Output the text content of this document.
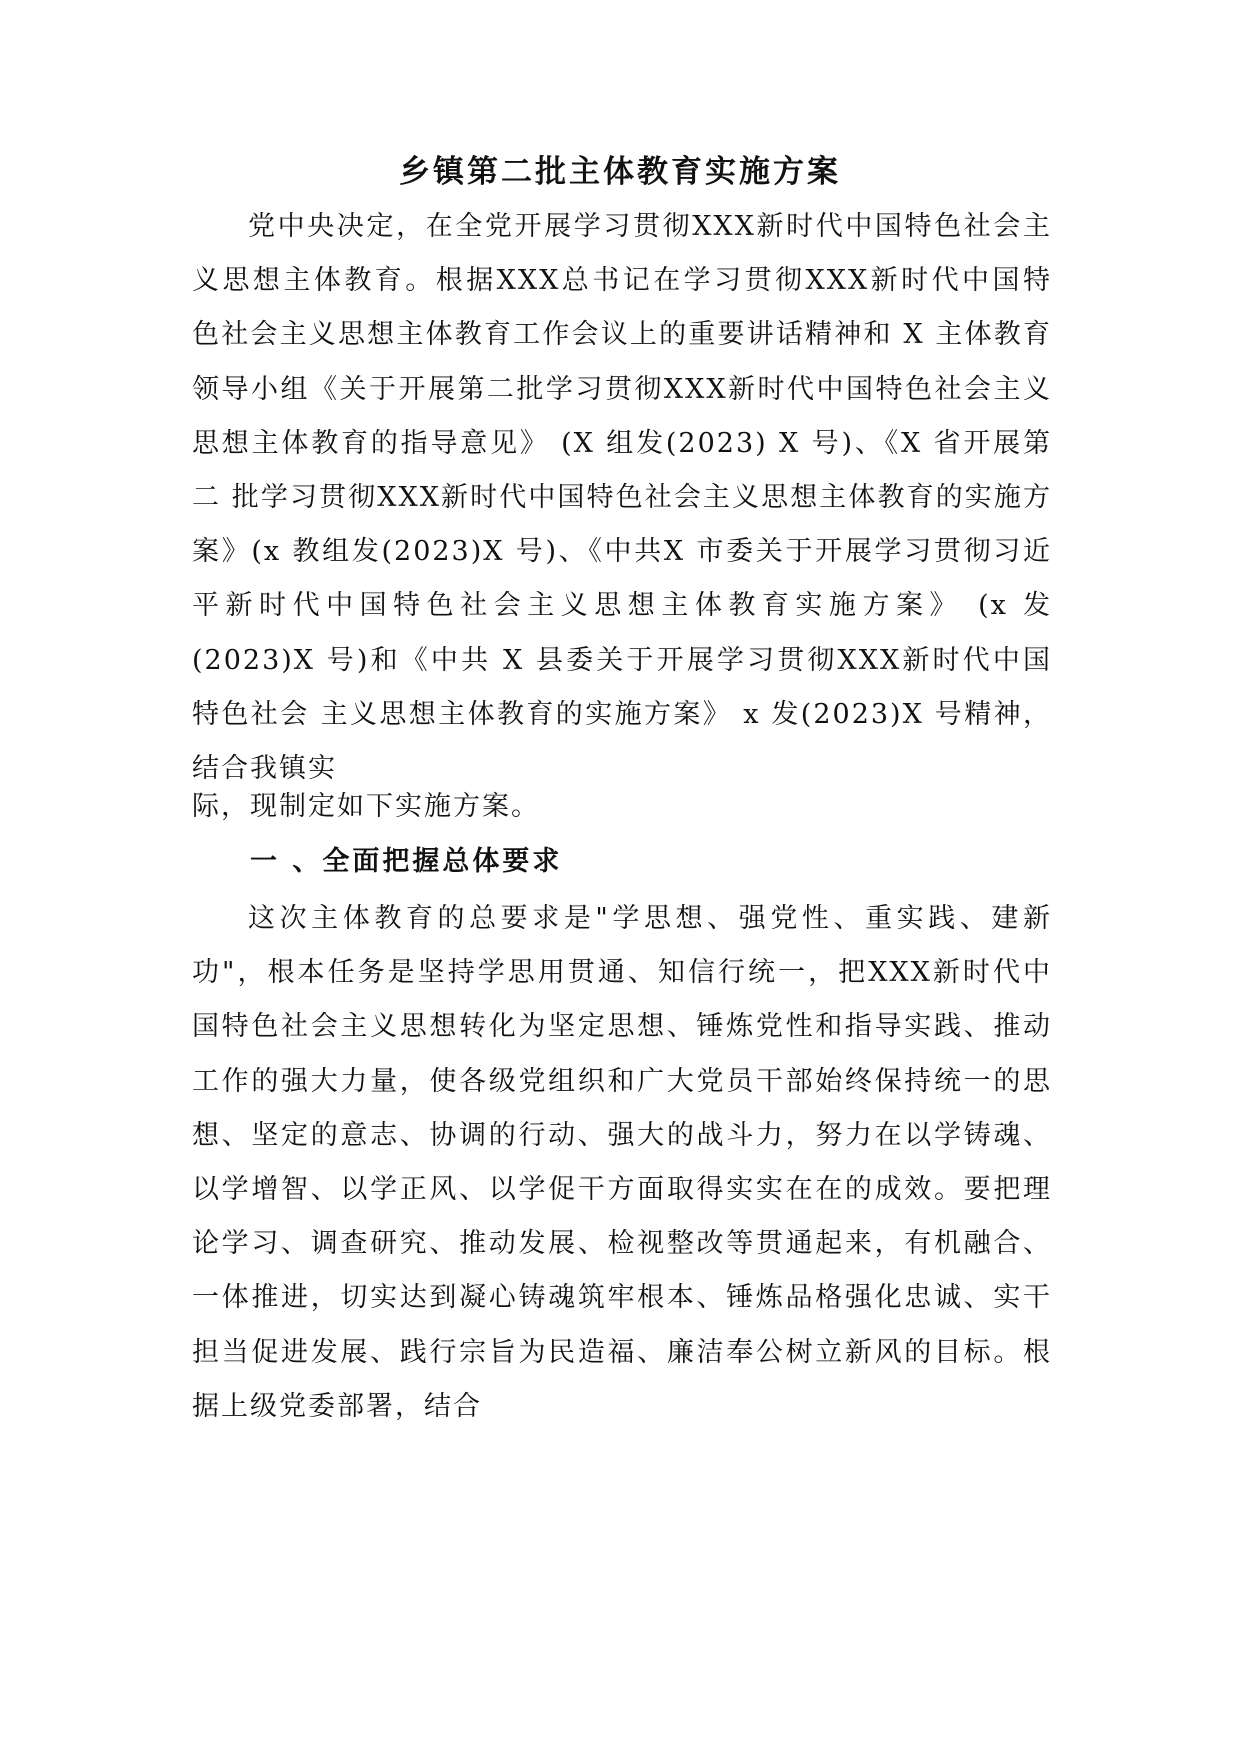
乡镇第二批主体教育实施方案

党中央决定，在全党开展学习贯彻XXX新时代中国特色社会主义思想主体教育。根据XXX总书记在学习贯彻XXX新时代中国特 色社会主义思想主体教育工作会议上的重要讲话精神和 X 主体教育领导小组《关于开展第二批学习贯彻XXX新时代中国特色社会主义思想主体教育的指导意见》 (X 组发(2023) X 号)、《X 省开展第二 批学习贯彻XXX新时代中国特色社会主义思想主体教育的实施方 案》(x 教组发(2023)X 号)、《中共X 市委关于开展学习贯彻习近 平新时代中国特色社会主义思想主体教育实施方案》 (x 发(2023)X 号)和《中共 X 县委关于开展学习贯彻XXX新时代中国特色社会 主义思想主体教育的实施方案》 x 发(2023)X 号精神，结合我镇实

际，现制定如下实施方案。

一 、全面把握总体要求

这次主体教育的总要求是"学思想、强党性、重实践、建新功"，根本任务是坚持学思用贯通、知信行统一，把XXX新时代中国特色社会主义思想转化为坚定思想、锤炼党性和指导实践、推动工作的强大力量，使各级党组织和广大党员干部始终保持统一的思想、坚定的意志、协调的行动、强大的战斗力，努力在以学铸魂、以学增智、以学正风、以学促干方面取得实实在在的成效。要把理论学习、调查研究、推动发展、检视整改等贯通起来，有机融合、 一体推进，切实达到凝心铸魂筑牢根本、锤炼品格强化忠诚、实干担当促进发展、践行宗旨为民造福、廉洁奉公树立新风的目标。根据上级党委部署，结合
